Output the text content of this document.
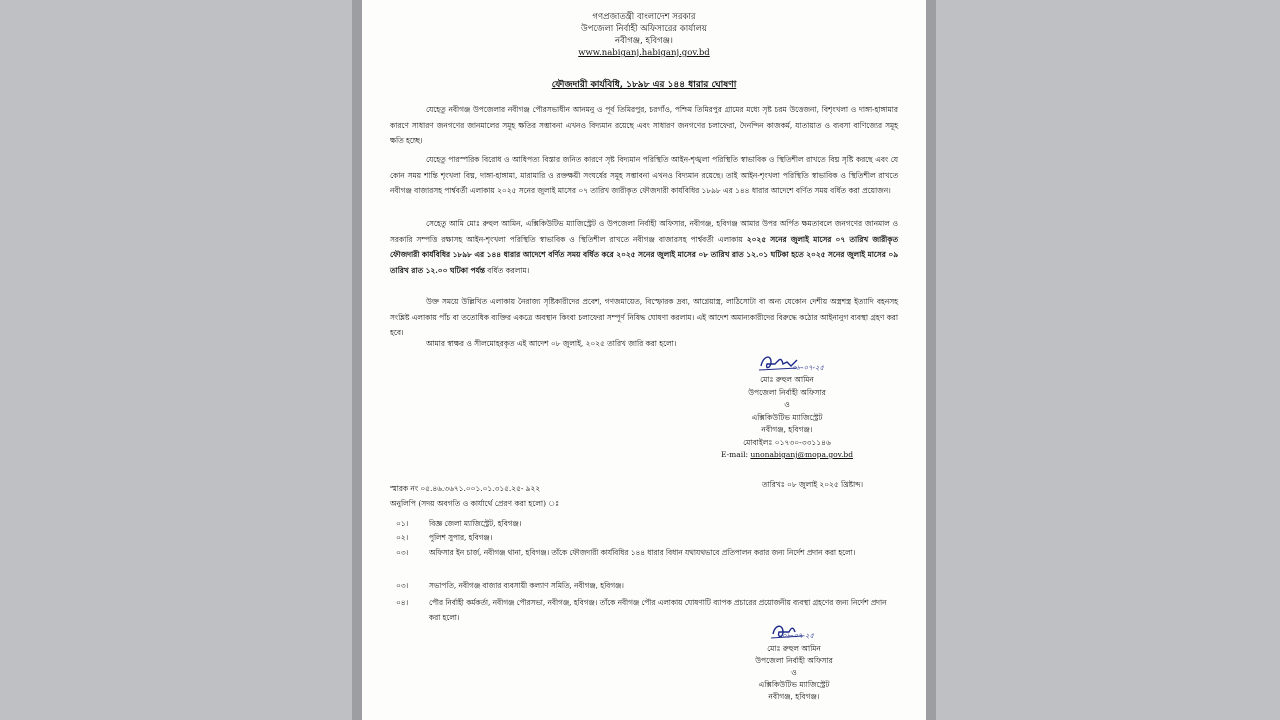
গণপ্রজাতন্ত্রী বাংলাদেশ সরকার
উপজেলা নির্বাহী অফিসারের কার্যালয়
নবীগঞ্জ, হবিগঞ্জ।
www.nabiganj.habiganj.gov.bd
ফৌজদারী কার্যবিধি, ১৮৯৮ এর ১৪৪ ধারার ঘোষণা
যেহেতু নবীগঞ্জ উপজেলার নবীগঞ্জ পৌরসভাধীন আনমনু ও পূর্ব তিমিরপুর, চরগাঁও, পশ্চিম তিমিরপুর গ্রামের মধ্যে সৃষ্ট চরম উত্তেজনা, বিশৃংখলা ও দাঙ্গা-হাঙ্গামার কারণে সাধারণ জনগণের জানমালের সমূহ ক্ষতির সম্ভাবনা এখনও বিদ্যমান রয়েছে এবং সাধারণ জনগণের চলাফেরা, দৈনন্দিন কাজকর্ম, যাতায়াত ও ব্যবসা বাণিজ্যের সমূহ ক্ষতি হচ্ছে।
যেহেতু পারস্পরিক বিরোধ ও আধিপত্য বিস্তার জনিত কারণে সৃষ্ট বিদ্যমান পরিস্থিতি আইন-শৃঙ্খলা পরিস্থিতি স্বাভাবিক ও স্থিতিশীল রাখতে বিঘ্ন সৃষ্টি করছে এবং যে কোন সময় শান্তি শৃংখলা বিঘ্ন, দাঙ্গা-হাঙ্গামা, মারামারি ও রক্তক্ষয়ী সংঘর্ষের সমূহ সম্ভাবনা এখনও বিদ্যমান রয়েছে। তাই আইন-শৃংখলা পরিস্থিতি স্বাভাবিক ও স্থিতিশীল রাখতে নবীগঞ্জ বাজারসহ পার্শ্ববর্তী এলাকায় ২০২৫ সনের জুলাই মাসের ০৭ তারিখ জারীকৃত ফৌজদারী কার্যবিধির ১৮৯৮ এর ১৪৪ ধারার আদেশে বর্ণিত সময় বর্ধিত করা প্রয়োজন।
সেহেতু আমি মোঃ রুহুল আমিন, এক্সিকিউটিভ ম্যাজিস্ট্রেট ও উপজেলা নির্বাহী অফিসার, নবীগঞ্জ, হবিগঞ্জ আমার উপর অর্পিত ক্ষমতাবলে জনগণের জানমাল ও সরকারি সম্পত্তি রক্ষাসহ আইন-শৃংখলা পরিস্থিতি স্বাভাবিক ও স্থিতিশীল রাখতে নবীগঞ্জ বাজারসহ পার্শ্ববর্তী এলাকায় ২০২৫ সনের জুলাই মাসের ০৭ তারিখ জারীকৃত ফৌজদারী কার্যবিধির ১৮৯৮ এর ১৪৪ ধারার আদেশে বর্ণিত সময় বর্ধিত করে ২০২৫ সনের জুলাই মাসের ০৮ তারিখ রাত ১২.০১ ঘটিকা হতে ২০২৫ সনের জুলাই মাসের ০৯ তারিখ রাত ১২.০০ ঘটিকা পর্যন্ত বর্ধিত করলাম।
উক্ত সময়ে উল্লিখিত এলাকায় নৈরাজ্য সৃষ্টিকারীদের প্রবেশ, গণজমায়েত, বিস্ফোরক দ্রব্য, আগ্নেয়াস্ত্র, লাঠিসোটা বা অন্য যেকোন দেশীয় অস্ত্রশস্ত্র ইত্যাদি বহনসহ সংশ্লিষ্ট এলাকায় পাঁচ বা ততোধিক ব্যক্তির একত্রে অবস্থান কিংবা চলাফেরা সম্পূর্ণ নিষিদ্ধ ঘোষণা করলাম। এই আদেশ অমান্যকারীদের বিরুদ্ধে কঠোর আইনানুগ ব্যবস্থা গ্রহণ করা হবে।
আমার স্বাক্ষর ও সীলমোহরকৃত এই আদেশ ০৮ জুলাই, ২০২৫ তারিখ জারি করা হলো।
০৮-০৭-২৫
মোঃ রুহুল আমিন
উপজেলা নির্বাহী অফিসার
ও
এক্সিকিউটিভ ম্যাজিস্ট্রেট
নবীগঞ্জ, হবিগঞ্জ।
মোবাইলঃ ০১৭৩০-৩৩১১৪৬
E-mail: unonabiganj@mopa.gov.bd
স্মারক নং ০৫.৪৬.৩৬৭১.০০১.০১.৩১৫.২৫- ৯২২	তারিখঃ ০৮ জুলাই ২০২৫ খ্রিষ্টাব্দ।
অনুলিপি (সদয় অবগতি ও কার্যার্থে প্রেরণ করা হলো) ঃ
০১।	বিজ্ঞ জেলা ম্যাজিস্ট্রেট, হবিগঞ্জ।
০২।	পুলিশ সুপার, হবিগঞ্জ।
০৩।	অফিসার ইন চার্জ, নবীগঞ্জ থানা, হবিগঞ্জ। তাঁকে ফৌজদারী কার্যবিধির ১৪৪ ধারার বিধান যথাযথভাবে প্রতিপালন করার জন্য নির্দেশ প্রদান করা হলো।
০৩।	সভাপতি, নবীগঞ্জ বাজার ব্যবসায়ী কল্যাণ সমিতি, নবীগঞ্জ, হবিগঞ্জ।
০৪।	পৌর নির্বাহী কর্মকর্তা, নবীগঞ্জ পৌরসভা, নবীগঞ্জ, হবিগঞ্জ। তাঁকে নবীগঞ্জ পৌর এলাকায় ঘোষণাটি ব্যাপক প্রচারের প্রয়োজনীয় ব্যবস্থা গ্রহণের জন্য নির্দেশ প্রদান করা হলো।
০৮-০৭-২৫
মোঃ রুহুল আমিন
উপজেলা নির্বাহী অফিসার
ও
এক্সিকিউটিভ ম্যাজিস্ট্রেট
নবীগঞ্জ, হবিগঞ্জ।
